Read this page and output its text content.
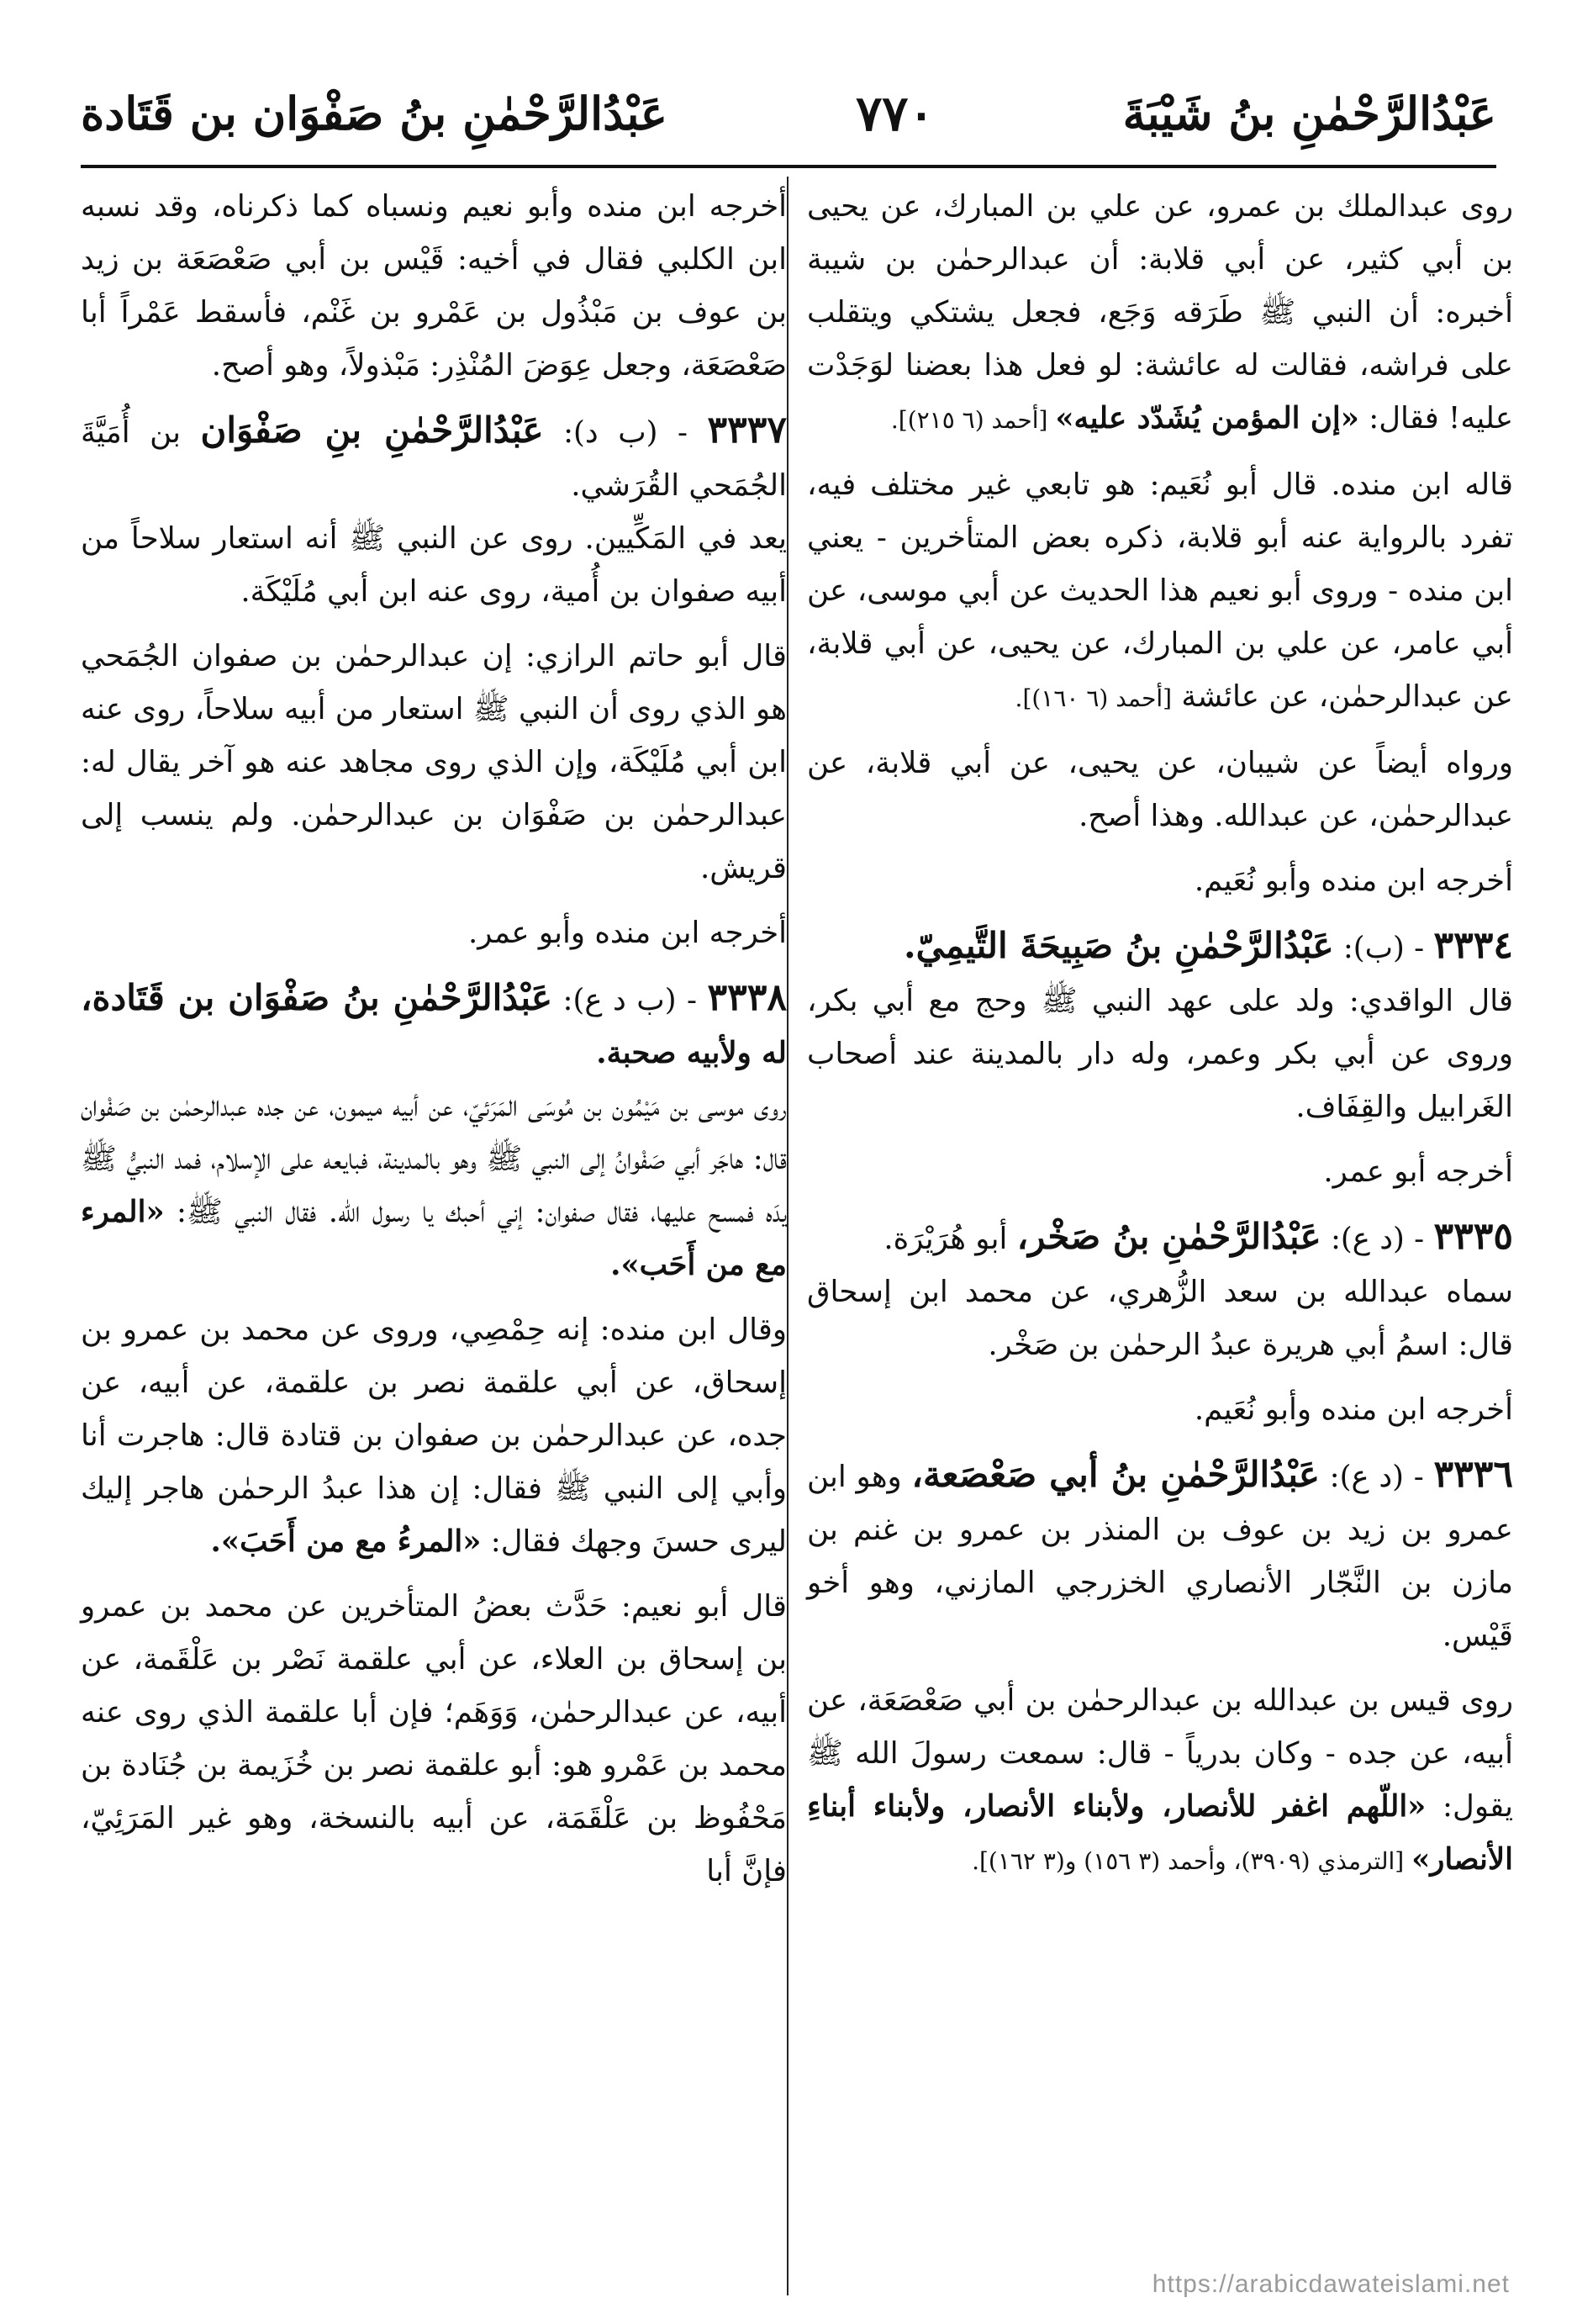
عَبْدُالرَّحْمٰنِ بنُ شَيْبَةَ
٧٧٠
عَبْدُالرَّحْمٰنِ بنُ صَفْوَان بن قَتَادة

روى عبدالملك بن عمرو، عن علي بن المبارك، عن يحيى بن أبي كثير، عن أبي قلابة: أن عبدالرحمٰن بن شيبة أخبره: أن النبي ﷺ طَرَقه وَجَع، فجعل يشتكي ويتقلب على فراشه، فقالت له عائشة: لو فعل هذا بعضنا لوَجَدْت عليه! فقال: «إن المؤمن يُشَدّد عليه» [أحمد (٦ ٢١٥)].

قاله ابن منده. قال أبو نُعَيم: هو تابعي غير مختلف فيه، تفرد بالرواية عنه أبو قلابة، ذكره بعض المتأخرين - يعني ابن منده - وروى أبو نعيم هذا الحديث عن أبي موسى، عن أبي عامر، عن علي بن المبارك، عن يحيى، عن أبي قلابة، عن عبدالرحمٰن، عن عائشة [أحمد (٦ ١٦٠)].

ورواه أيضاً عن شيبان، عن يحيى، عن أبي قلابة، عن عبدالرحمٰن، عن عبدالله. وهذا أصح.

أخرجه ابن منده وأبو نُعَيم.

٣٣٣٤ - (ب): عَبْدُالرَّحْمٰنِ بنُ صَبِيحَةَ التَّيمِيّ.

قال الواقدي: ولد على عهد النبي ﷺ وحج مع أبي بكر، وروى عن أبي بكر وعمر، وله دار بالمدينة عند أصحاب الغَرابيل والقِفَاف.

أخرجه أبو عمر.

٣٣٣٥ - (د ع): عَبْدُالرَّحْمٰنِ بنُ صَخْر، أبو هُرَيْرَة.

سماه عبدالله بن سعد الزُّهري، عن محمد ابن إسحاق قال: اسمُ أبي هريرة عبدُ الرحمٰن بن صَخْر.

أخرجه ابن منده وأبو نُعَيم.

٣٣٣٦ - (د ع): عَبْدُالرَّحْمٰنِ بنُ أبي صَعْصَعة، وهو ابن عمرو بن زيد بن عوف بن المنذر بن عمرو بن غنم بن مازن بن النَّجّار الأنصاري الخزرجي المازني، وهو أخو قَيْس.

روى قيس بن عبدالله بن عبدالرحمٰن بن أبي صَعْصَعَة، عن أبيه، عن جده - وكان بدرياً - قال: سمعت رسولَ الله ﷺ يقول: «اللّهم اغفر للأنصار، ولأبناء الأنصار، ولأبناء أبناءِ الأنصار» [الترمذي (٣٩٠٩)، وأحمد (٣ ١٥٦) و(٣ ١٦٢)].

أخرجه ابن منده وأبو نعيم ونسباه كما ذكرناه، وقد نسبه ابن الكلبي فقال في أخيه: قَيْس بن أبي صَعْصَعَة بن زيد بن عوف بن مَبْذُول بن عَمْرو بن غَنْم، فأسقط عَمْراً أبا صَعْصَعَة، وجعل عِوَضَ المُنْذِر: مَبْذولاً، وهو أصح.

٣٣٣٧ - (ب د): عَبْدُالرَّحْمٰنِ بنِ صَفْوَان بن أُمَيَّةَ الجُمَحي القُرَشي.

يعد في المَكِّيين. روى عن النبي ﷺ أنه استعار سلاحاً من أبيه صفوان بن أُمية، روى عنه ابن أبي مُلَيْكَة.

قال أبو حاتم الرازي: إن عبدالرحمٰن بن صفوان الجُمَحي هو الذي روى أن النبي ﷺ استعار من أبيه سلاحاً، روى عنه ابن أبي مُلَيْكَة، وإن الذي روى مجاهد عنه هو آخر يقال له: عبدالرحمٰن بن صَفْوَان بن عبدالرحمٰن. ولم ينسب إلى قريش.

أخرجه ابن منده وأبو عمر.

٣٣٣٨ - (ب د ع): عَبْدُالرَّحْمٰنِ بنُ صَفْوَان بن قَتَادة، له ولأبيه صحبة.

روى موسى بن مَيْمُون بن مُوسَى المَرَئيّ، عن أبيه ميمون، عن جده عبدالرحمٰن بن صَفْوان قال: هاجَر أبي صَفْوانُ إلى النبي ﷺ وهو بالمدينة، فبايعه على الإسلام، فمد النبيُّ ﷺ يدَه فمسح عليها، فقال صفوان: إني أحبك يا رسول الله. فقال النبي ﷺ: «المرء مع من أَحَب».

وقال ابن منده: إنه حِمْصِي، وروى عن محمد بن عمرو بن إسحاق، عن أبي علقمة نصر بن علقمة، عن أبيه، عن جده، عن عبدالرحمٰن بن صفوان بن قتادة قال: هاجرت أنا وأبي إلى النبي ﷺ فقال: إن هذا عبدُ الرحمٰن هاجر إليك ليرى حسنَ وجهك فقال: «المرءُ مع من أَحَبَ».

قال أبو نعيم: حَدَّث بعضُ المتأخرين عن محمد بن عمرو بن إسحاق بن العلاء، عن أبي علقمة نَصْر بن عَلْقَمة، عن أبيه، عن عبدالرحمٰن، وَوَهَم؛ فإن أبا علقمة الذي روى عنه محمد بن عَمْرو هو: أبو علقمة نصر بن خُزَيمة بن جُنَادة بن مَحْفُوظ بن عَلْقَمَة، عن أبيه بالنسخة، وهو غير المَرَئِيّ، فإنَّ أبا

https://arabicdawateislami.net
